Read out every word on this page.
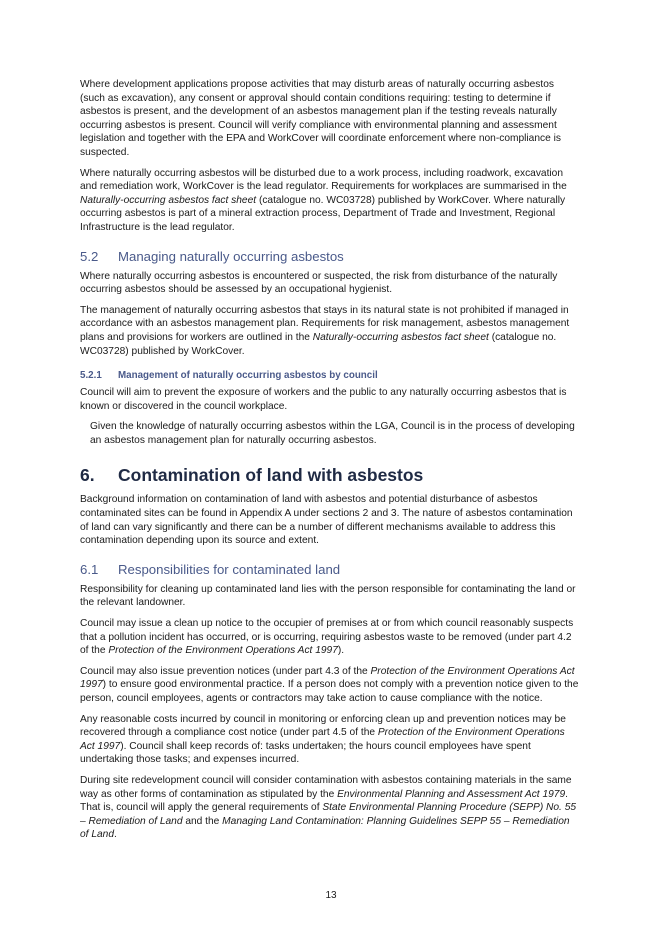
Where development applications propose activities that may disturb areas of naturally occurring asbestos (such as excavation), any consent or approval should contain conditions requiring: testing to determine if asbestos is present, and the development of an asbestos management plan if the testing reveals naturally occurring asbestos is present. Council will verify compliance with environmental planning and assessment legislation and together with the EPA and WorkCover will coordinate enforcement where non-compliance is suspected.

Where naturally occurring asbestos will be disturbed due to a work process, including roadwork, excavation and remediation work, WorkCover is the lead regulator. Requirements for workplaces are summarised in the Naturally-occurring asbestos fact sheet (catalogue no. WC03728) published by WorkCover. Where naturally occurring asbestos is part of a mineral extraction process, Department of Trade and Investment, Regional Infrastructure is the lead regulator.

5.2 Managing naturally occurring asbestos

Where naturally occurring asbestos is encountered or suspected, the risk from disturbance of the naturally occurring asbestos should be assessed by an occupational hygienist.

The management of naturally occurring asbestos that stays in its natural state is not prohibited if managed in accordance with an asbestos management plan. Requirements for risk management, asbestos management plans and provisions for workers are outlined in the Naturally-occurring asbestos fact sheet (catalogue no. WC03728) published by WorkCover.

5.2.1 Management of naturally occurring asbestos by council

Council will aim to prevent the exposure of workers and the public to any naturally occurring asbestos that is known or discovered in the council workplace.

Given the knowledge of naturally occurring asbestos within the LGA, Council is in the process of developing an asbestos management plan for naturally occurring asbestos.

6. Contamination of land with asbestos

Background information on contamination of land with asbestos and potential disturbance of asbestos contaminated sites can be found in Appendix A under sections 2 and 3. The nature of asbestos contamination of land can vary significantly and there can be a number of different mechanisms available to address this contamination depending upon its source and extent.

6.1 Responsibilities for contaminated land

Responsibility for cleaning up contaminated land lies with the person responsible for contaminating the land or the relevant landowner.

Council may issue a clean up notice to the occupier of premises at or from which council reasonably suspects that a pollution incident has occurred, or is occurring, requiring asbestos waste to be removed (under part 4.2 of the Protection of the Environment Operations Act 1997).

Council may also issue prevention notices (under part 4.3 of the Protection of the Environment Operations Act 1997) to ensure good environmental practice. If a person does not comply with a prevention notice given to the person, council employees, agents or contractors may take action to cause compliance with the notice.

Any reasonable costs incurred by council in monitoring or enforcing clean up and prevention notices may be recovered through a compliance cost notice (under part 4.5 of the Protection of the Environment Operations Act 1997). Council shall keep records of: tasks undertaken; the hours council employees have spent undertaking those tasks; and expenses incurred.

During site redevelopment council will consider contamination with asbestos containing materials in the same way as other forms of contamination as stipulated by the Environmental Planning and Assessment Act 1979. That is, council will apply the general requirements of State Environmental Planning Procedure (SEPP) No. 55 – Remediation of Land and the Managing Land Contamination: Planning Guidelines SEPP 55 – Remediation of Land.

13
